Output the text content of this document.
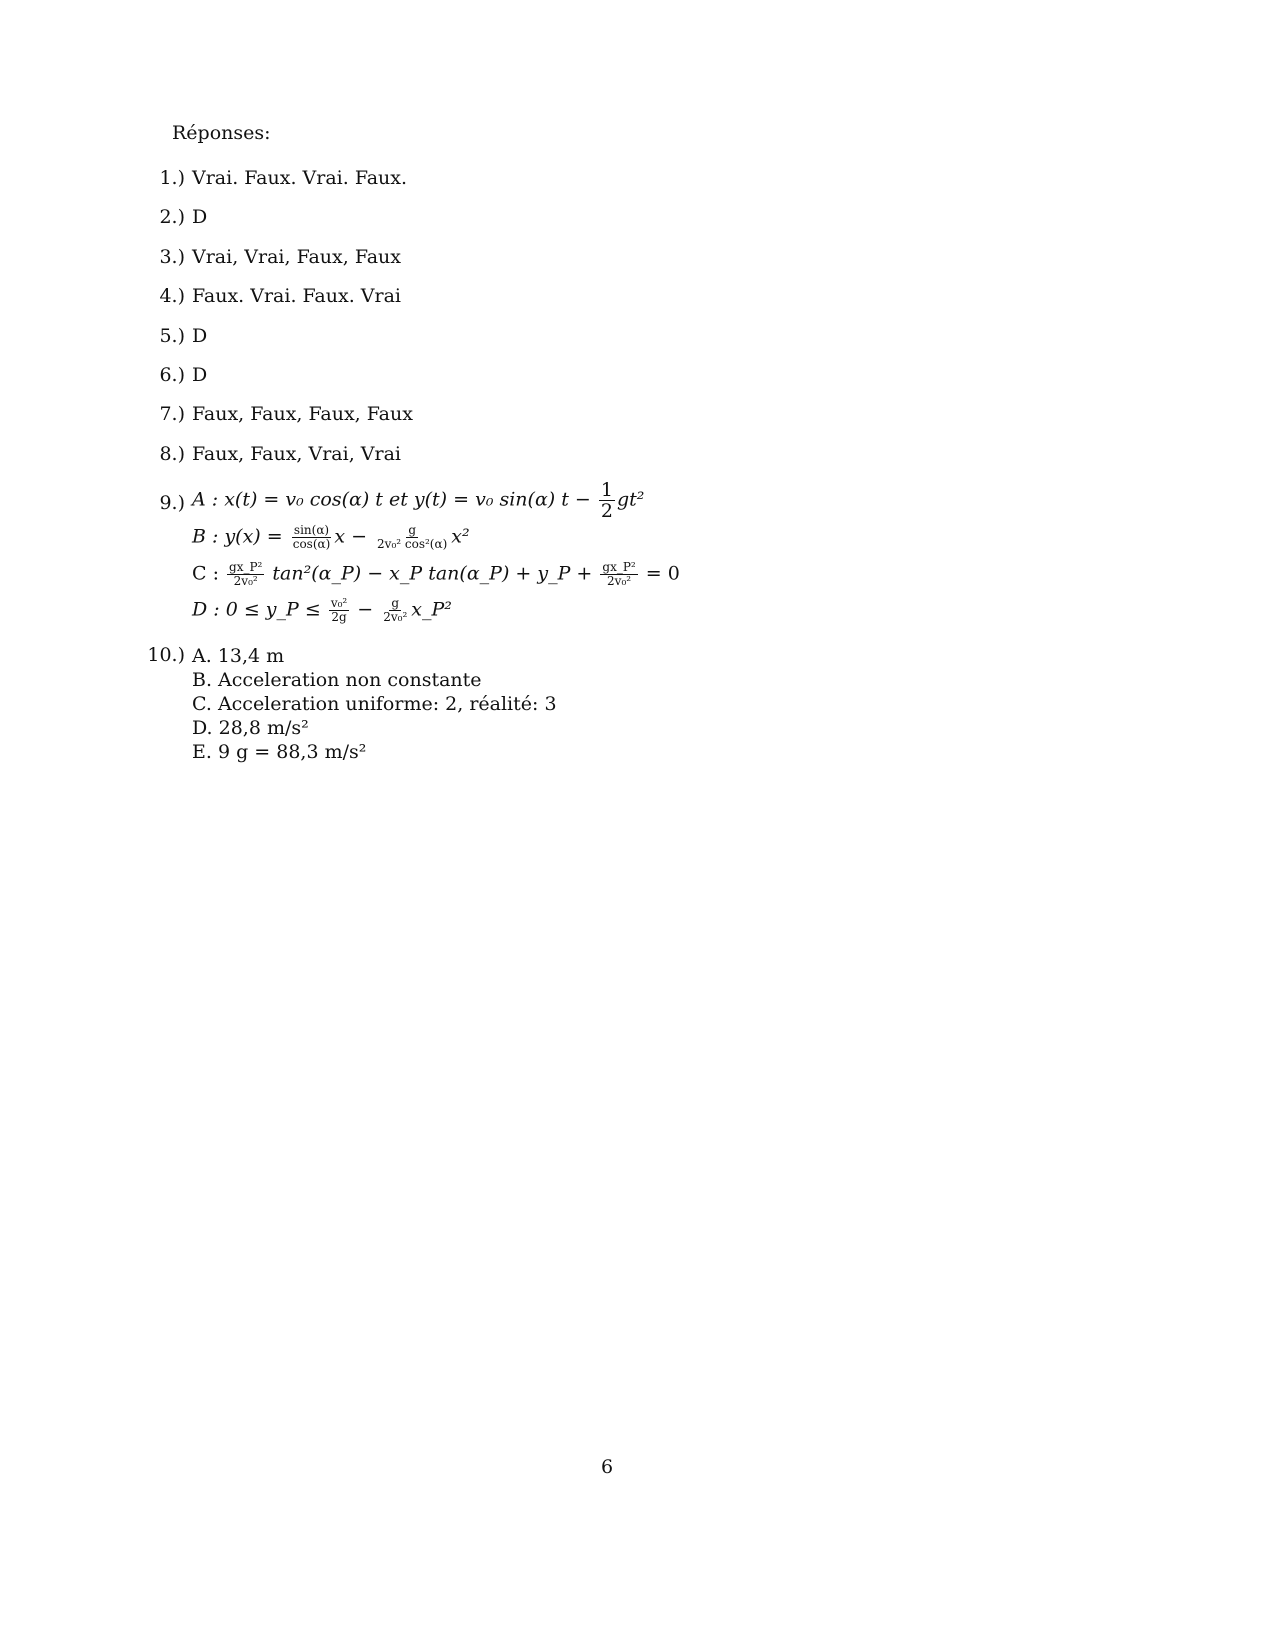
Réponses:
1.) Vrai. Faux. Vrai. Faux.
2.) D
3.) Vrai, Vrai, Faux, Faux
4.) Faux. Vrai. Faux. Vrai
5.) D
6.) D
7.) Faux, Faux, Faux, Faux
8.) Faux, Faux, Vrai, Vrai
9.) A : x(t) = v₀ cos(α) t et y(t) = v₀ sin(α) $t - \frac{1}{2} gt^2$
B : $y(x) = \frac{\sin(\alpha)}{\cos(\alpha)}$ $x - \frac{g}{\text{2v₀² cos²(α)}} x^2$
C : $\frac{\text{gx\_P²}}{\text{2v₀²}}$ tan²(α_P) − x_P tan(α_P) + y_P + $\frac{\text{gx\_P²}}{\text{2v₀²}} = 0$
D : 0 ≤ y_P ≤ $\frac{\text{v₀²}}{2g} - \frac{g}{\text{2v₀²}}$ x_P²
10.) A. 13,4 m
B. Acceleration non constante
C. Acceleration uniforme: 2, réalité: 3
D. 28,8 m/s²
E. 9 g = 88,3 m/s²
6
